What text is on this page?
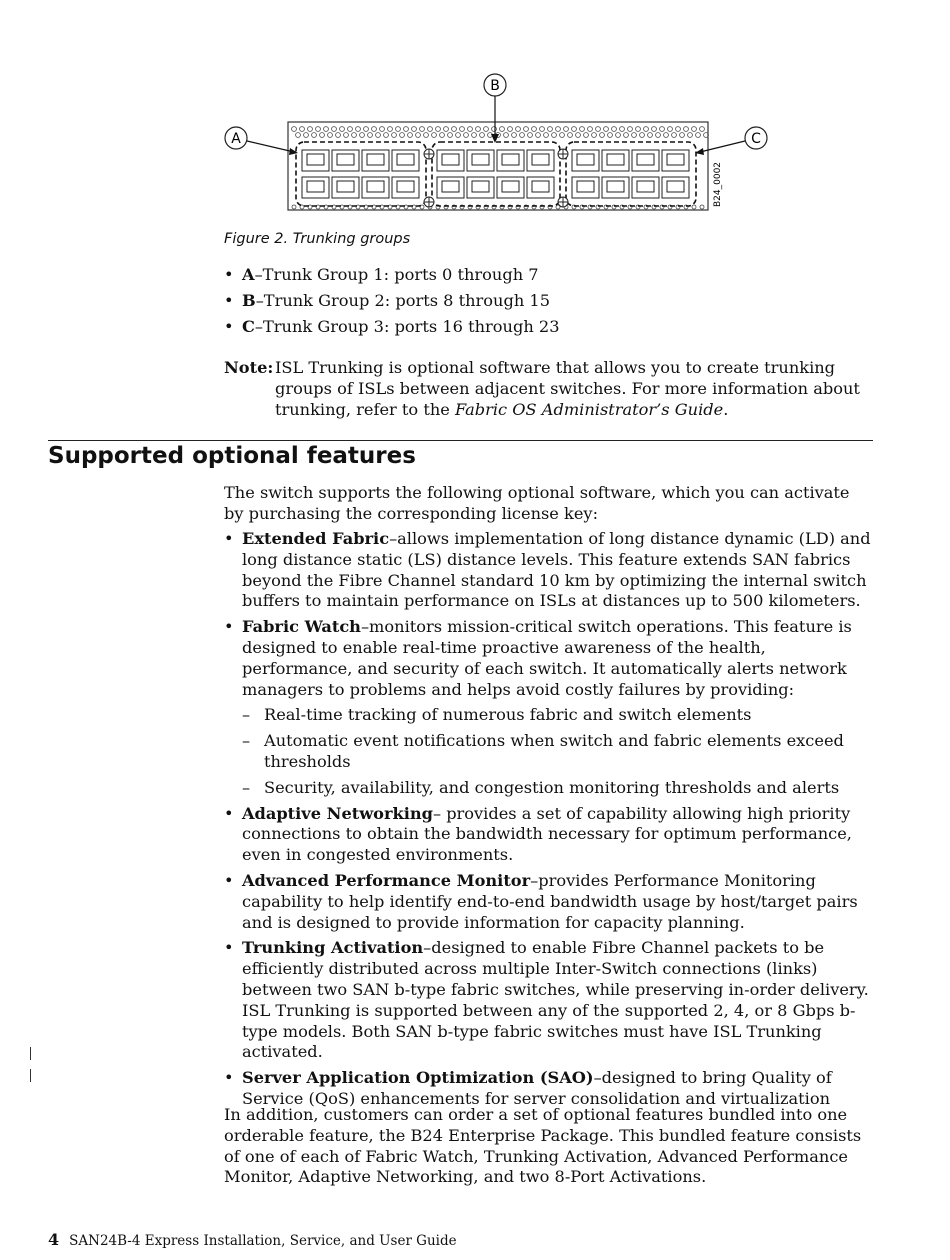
A
B
C
B24_0002
Figure 2. Trunking groups
• A–Trunk Group 1: ports 0 through 7
• B–Trunk Group 2: ports 8 through 15
• C–Trunk Group 3: ports 16 through 23
Note: ISL Trunking is optional software that allows you to create trunking groups of ISLs between adjacent switches. For more information about trunking, refer to the Fabric OS Administrator’s Guide.
Supported optional features
The switch supports the following optional software, which you can activate by purchasing the corresponding license key:
• Extended Fabric–allows implementation of long distance dynamic (LD) and long distance static (LS) distance levels. This feature extends SAN fabrics beyond the Fibre Channel standard 10 km by optimizing the internal switch buffers to maintain performance on ISLs at distances up to 500 kilometers.
• Fabric Watch–monitors mission-critical switch operations. This feature is designed to enable real-time proactive awareness of the health, performance, and security of each switch. It automatically alerts network managers to problems and helps avoid costly failures by providing:
– Real-time tracking of numerous fabric and switch elements
– Automatic event notifications when switch and fabric elements exceed thresholds
– Security, availability, and congestion monitoring thresholds and alerts
• Adaptive Networking– provides a set of capability allowing high priority connections to obtain the bandwidth necessary for optimum performance, even in congested environments.
• Advanced Performance Monitor–provides Performance Monitoring capability to help identify end-to-end bandwidth usage by host/target pairs and is designed to provide information for capacity planning.
• Trunking Activation–designed to enable Fibre Channel packets to be efficiently distributed across multiple Inter-Switch connections (links) between two SAN b-type fabric switches, while preserving in-order delivery. ISL Trunking is supported between any of the supported 2, 4, or 8 Gbps b-type models. Both SAN b-type fabric switches must have ISL Trunking activated.
• Server Application Optimization (SAO)–designed to bring Quality of Service (QoS) enhancements for server consolidation and virtualization
In addition, customers can order a set of optional features bundled into one orderable feature, the B24 Enterprise Package. This bundled feature consists of one of each of Fabric Watch, Trunking Activation, Advanced Performance Monitor, Adaptive Networking, and two 8-Port Activations.
4 SAN24B-4 Express Installation, Service, and User Guide
